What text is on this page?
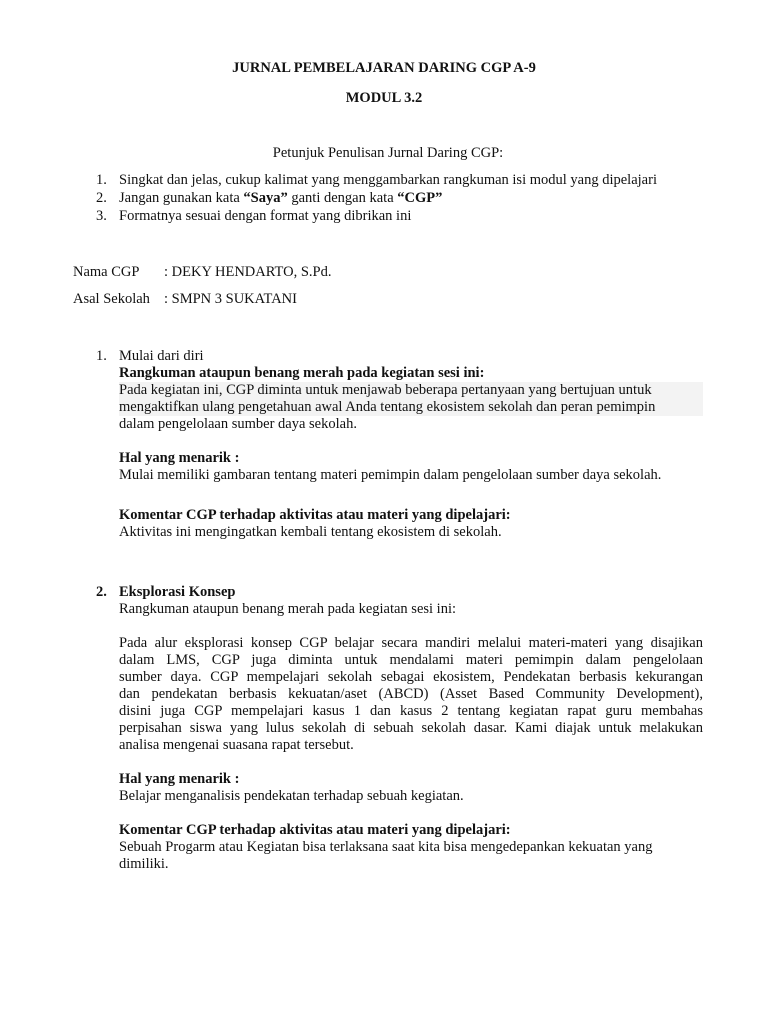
JURNAL PEMBELAJARAN DARING CGP A-9
MODUL 3.2
Petunjuk Penulisan Jurnal Daring CGP:
1. Singkat dan jelas, cukup kalimat yang menggambarkan rangkuman isi modul yang dipelajari
2. Jangan gunakan kata “Saya” ganti dengan kata “CGP”
3. Formatnya sesuai dengan format yang dibrikan ini
Nama CGP : DEKY HENDARTO, S.Pd.
Asal Sekolah : SMPN 3 SUKATANI
1. Mulai dari diri
Rangkuman ataupun benang merah pada kegiatan sesi ini:
Pada kegiatan ini, CGP diminta untuk menjawab beberapa pertanyaan yang bertujuan untuk
mengaktifkan ulang pengetahuan awal Anda tentang ekosistem sekolah dan peran pemimpin
dalam pengelolaan sumber daya sekolah.
Hal yang menarik :
Mulai memiliki gambaran tentang materi pemimpin dalam pengelolaan sumber daya sekolah.
Komentar CGP terhadap aktivitas atau materi yang dipelajari:
Aktivitas ini mengingatkan kembali tentang ekosistem di sekolah.
2. Eksplorasi Konsep
Rangkuman ataupun benang merah pada kegiatan sesi ini:
Pada alur eksplorasi konsep CGP belajar secara mandiri melalui materi-materi yang disajikan
dalam LMS, CGP juga diminta untuk mendalami materi pemimpin dalam pengelolaan
sumber daya. CGP mempelajari sekolah sebagai ekosistem, Pendekatan berbasis kekurangan
dan pendekatan berbasis kekuatan/aset (ABCD) (Asset Based Community Development),
disini juga CGP mempelajari kasus 1 dan kasus 2 tentang kegiatan rapat guru membahas
perpisahan siswa yang lulus sekolah di sebuah sekolah dasar. Kami diajak untuk melakukan
analisa mengenai suasana rapat tersebut.
Hal yang menarik :
Belajar menganalisis pendekatan terhadap sebuah kegiatan.
Komentar CGP terhadap aktivitas atau materi yang dipelajari:
Sebuah Progarm atau Kegiatan bisa terlaksana saat kita bisa mengedepankan kekuatan yang
dimiliki.
